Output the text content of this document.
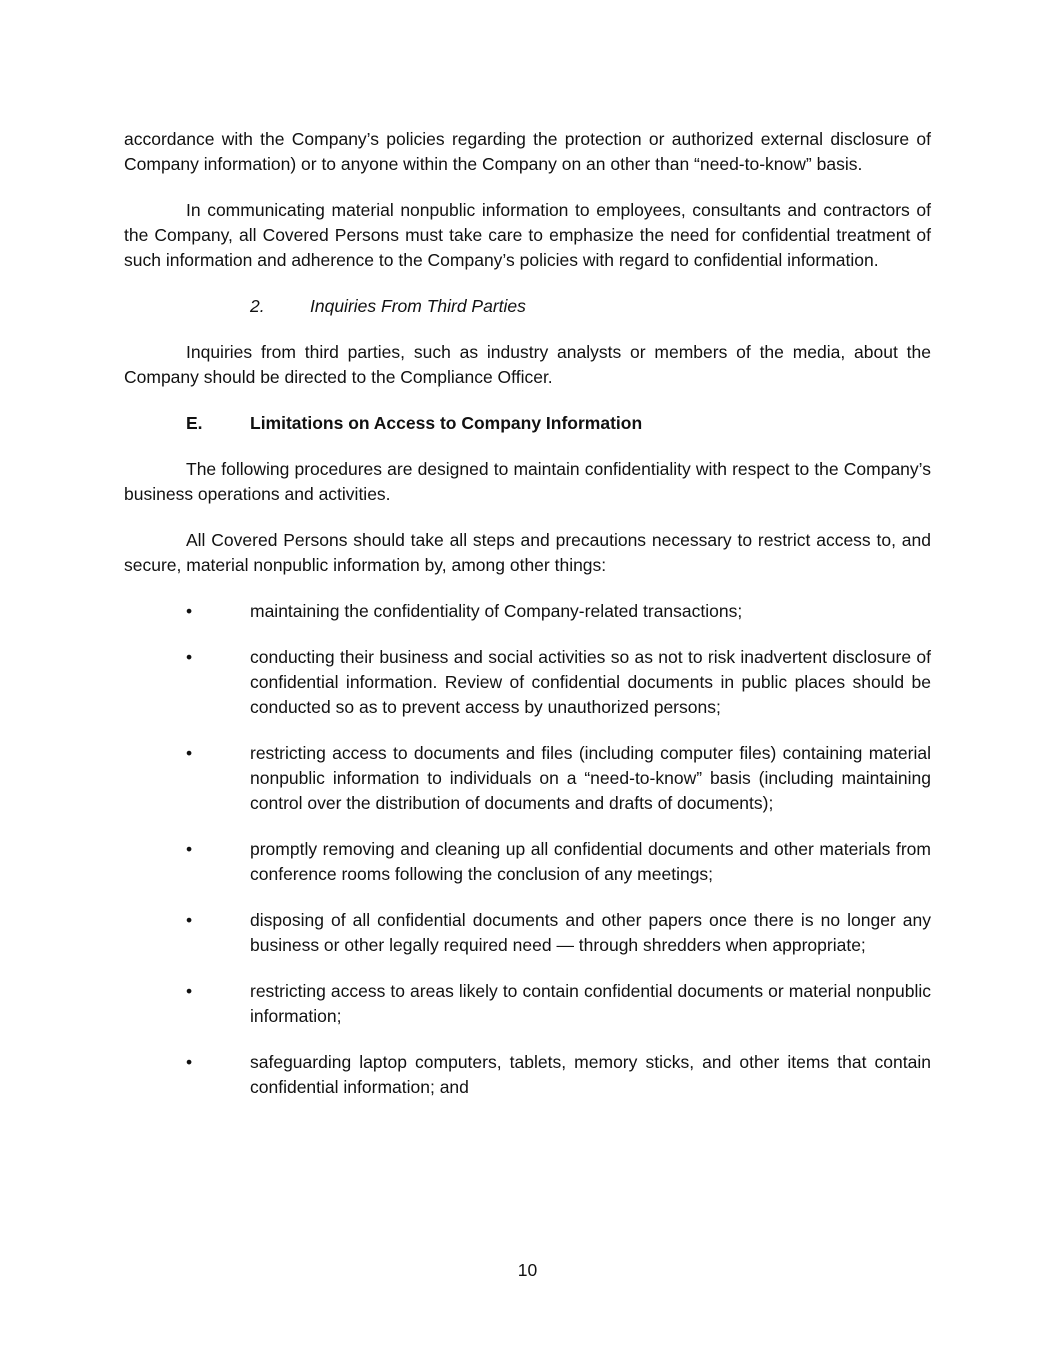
accordance with the Company’s policies regarding the protection or authorized external disclosure of Company information) or to anyone within the Company on an other than “need-to-know” basis.

In communicating material nonpublic information to employees, consultants and contractors of the Company, all Covered Persons must take care to emphasize the need for confidential treatment of such information and adherence to the Company’s policies with regard to confidential information.

2.	Inquiries From Third Parties

Inquiries from third parties, such as industry analysts or members of the media, about the Company should be directed to the Compliance Officer.

E.	Limitations on Access to Company Information

The following procedures are designed to maintain confidentiality with respect to the Company’s business operations and activities.

All Covered Persons should take all steps and precautions necessary to restrict access to, and secure, material nonpublic information by, among other things:

•	maintaining the confidentiality of Company-related transactions;
•	conducting their business and social activities so as not to risk inadvertent disclosure of confidential information. Review of confidential documents in public places should be conducted so as to prevent access by unauthorized persons;
•	restricting access to documents and files (including computer files) containing material nonpublic information to individuals on a “need-to-know” basis (including maintaining control over the distribution of documents and drafts of documents);
•	promptly removing and cleaning up all confidential documents and other materials from conference rooms following the conclusion of any meetings;
•	disposing of all confidential documents and other papers once there is no longer any business or other legally required need — through shredders when appropriate;
•	restricting access to areas likely to contain confidential documents or material nonpublic information;
•	safeguarding laptop computers, tablets, memory sticks, and other items that contain confidential information; and
10
